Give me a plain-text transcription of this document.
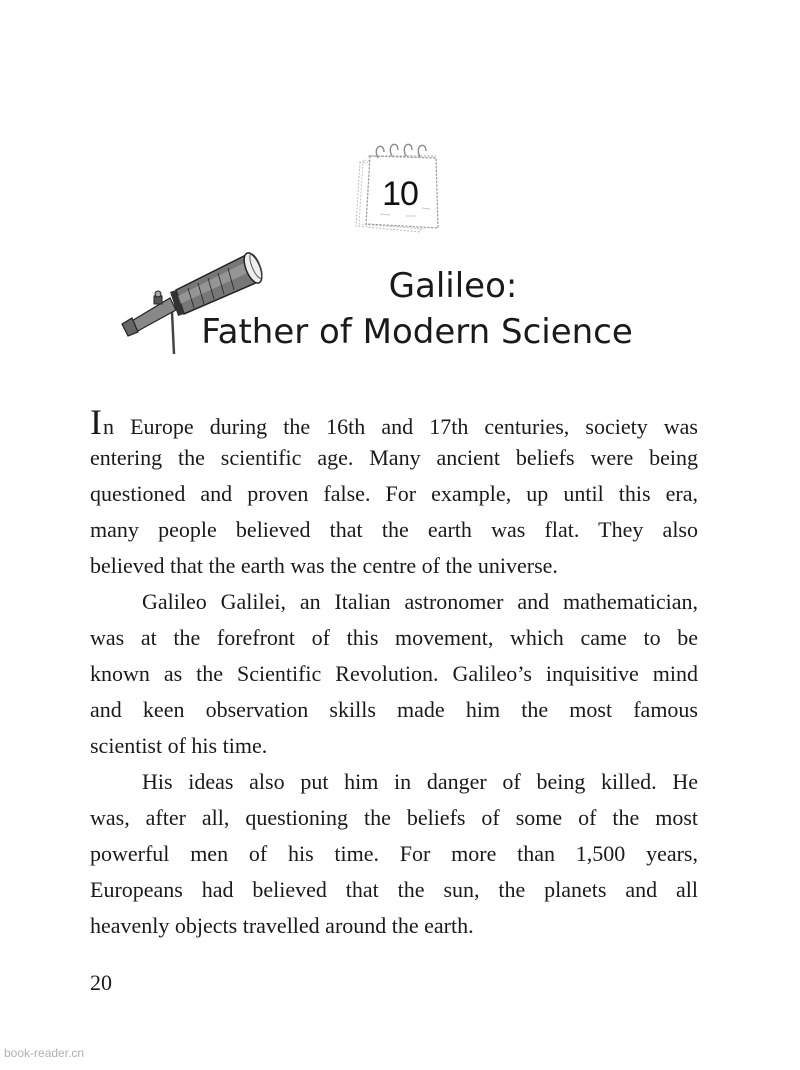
10
Galileo:
Father of Modern Science
In Europe during the 16th and 17th centuries, society was
entering the scientific age. Many ancient beliefs were being
questioned and proven false. For example, up until this era,
many people believed that the earth was flat. They also
believed that the earth was the centre of the universe.
Galileo Galilei, an Italian astronomer and mathematician,
was at the forefront of this movement, which came to be
known as the Scientific Revolution. Galileo’s inquisitive mind
and keen observation skills made him the most famous
scientist of his time.
His ideas also put him in danger of being killed. He
was, after all, questioning the beliefs of some of the most
powerful men of his time. For more than 1,500 years,
Europeans had believed that the sun, the planets and all
heavenly objects travelled around the earth.
20
book-reader.cn
